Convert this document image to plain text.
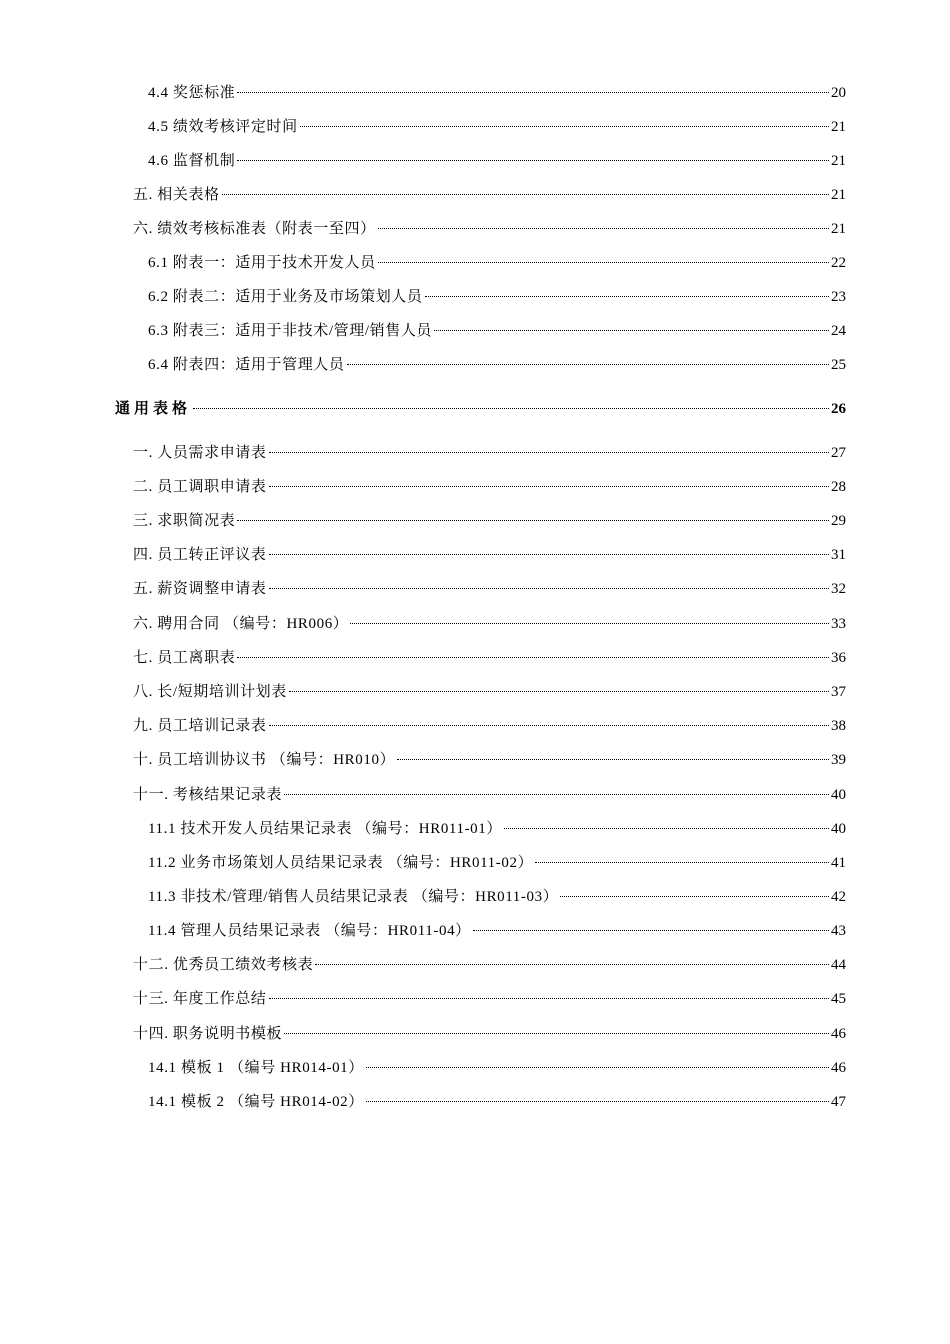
4.4 奖惩标准	20
4.5 绩效考核评定时间	21
4.6 监督机制	21
五. 相关表格	21
六. 绩效考核标准表（附表一至四）	21
6.1 附表一：适用于技术开发人员	22
6.2 附表二：适用于业务及市场策划人员	23
6.3 附表三：适用于非技术/管理/销售人员	24
6.4 附表四：适用于管理人员	25
通用表格	26
一. 人员需求申请表	27
二. 员工调职申请表	28
三. 求职简况表	29
四. 员工转正评议表	31
五. 薪资调整申请表	32
六. 聘用合同 （编号：HR006）	33
七. 员工离职表	36
八. 长/短期培训计划表	37
九. 员工培训记录表	38
十. 员工培训协议书 （编号：HR010）	39
十一. 考核结果记录表	40
11.1 技术开发人员结果记录表 （编号：HR011-01）	40
11.2 业务市场策划人员结果记录表 （编号：HR011-02）	41
11.3 非技术/管理/销售人员结果记录表 （编号：HR011-03）	42
11.4 管理人员结果记录表 （编号：HR011-04）	43
十二. 优秀员工绩效考核表	44
十三. 年度工作总结	45
十四. 职务说明书模板	46
14.1 模板 1 （编号 HR014-01）	46
14.1 模板 2 （编号 HR014-02）	47
